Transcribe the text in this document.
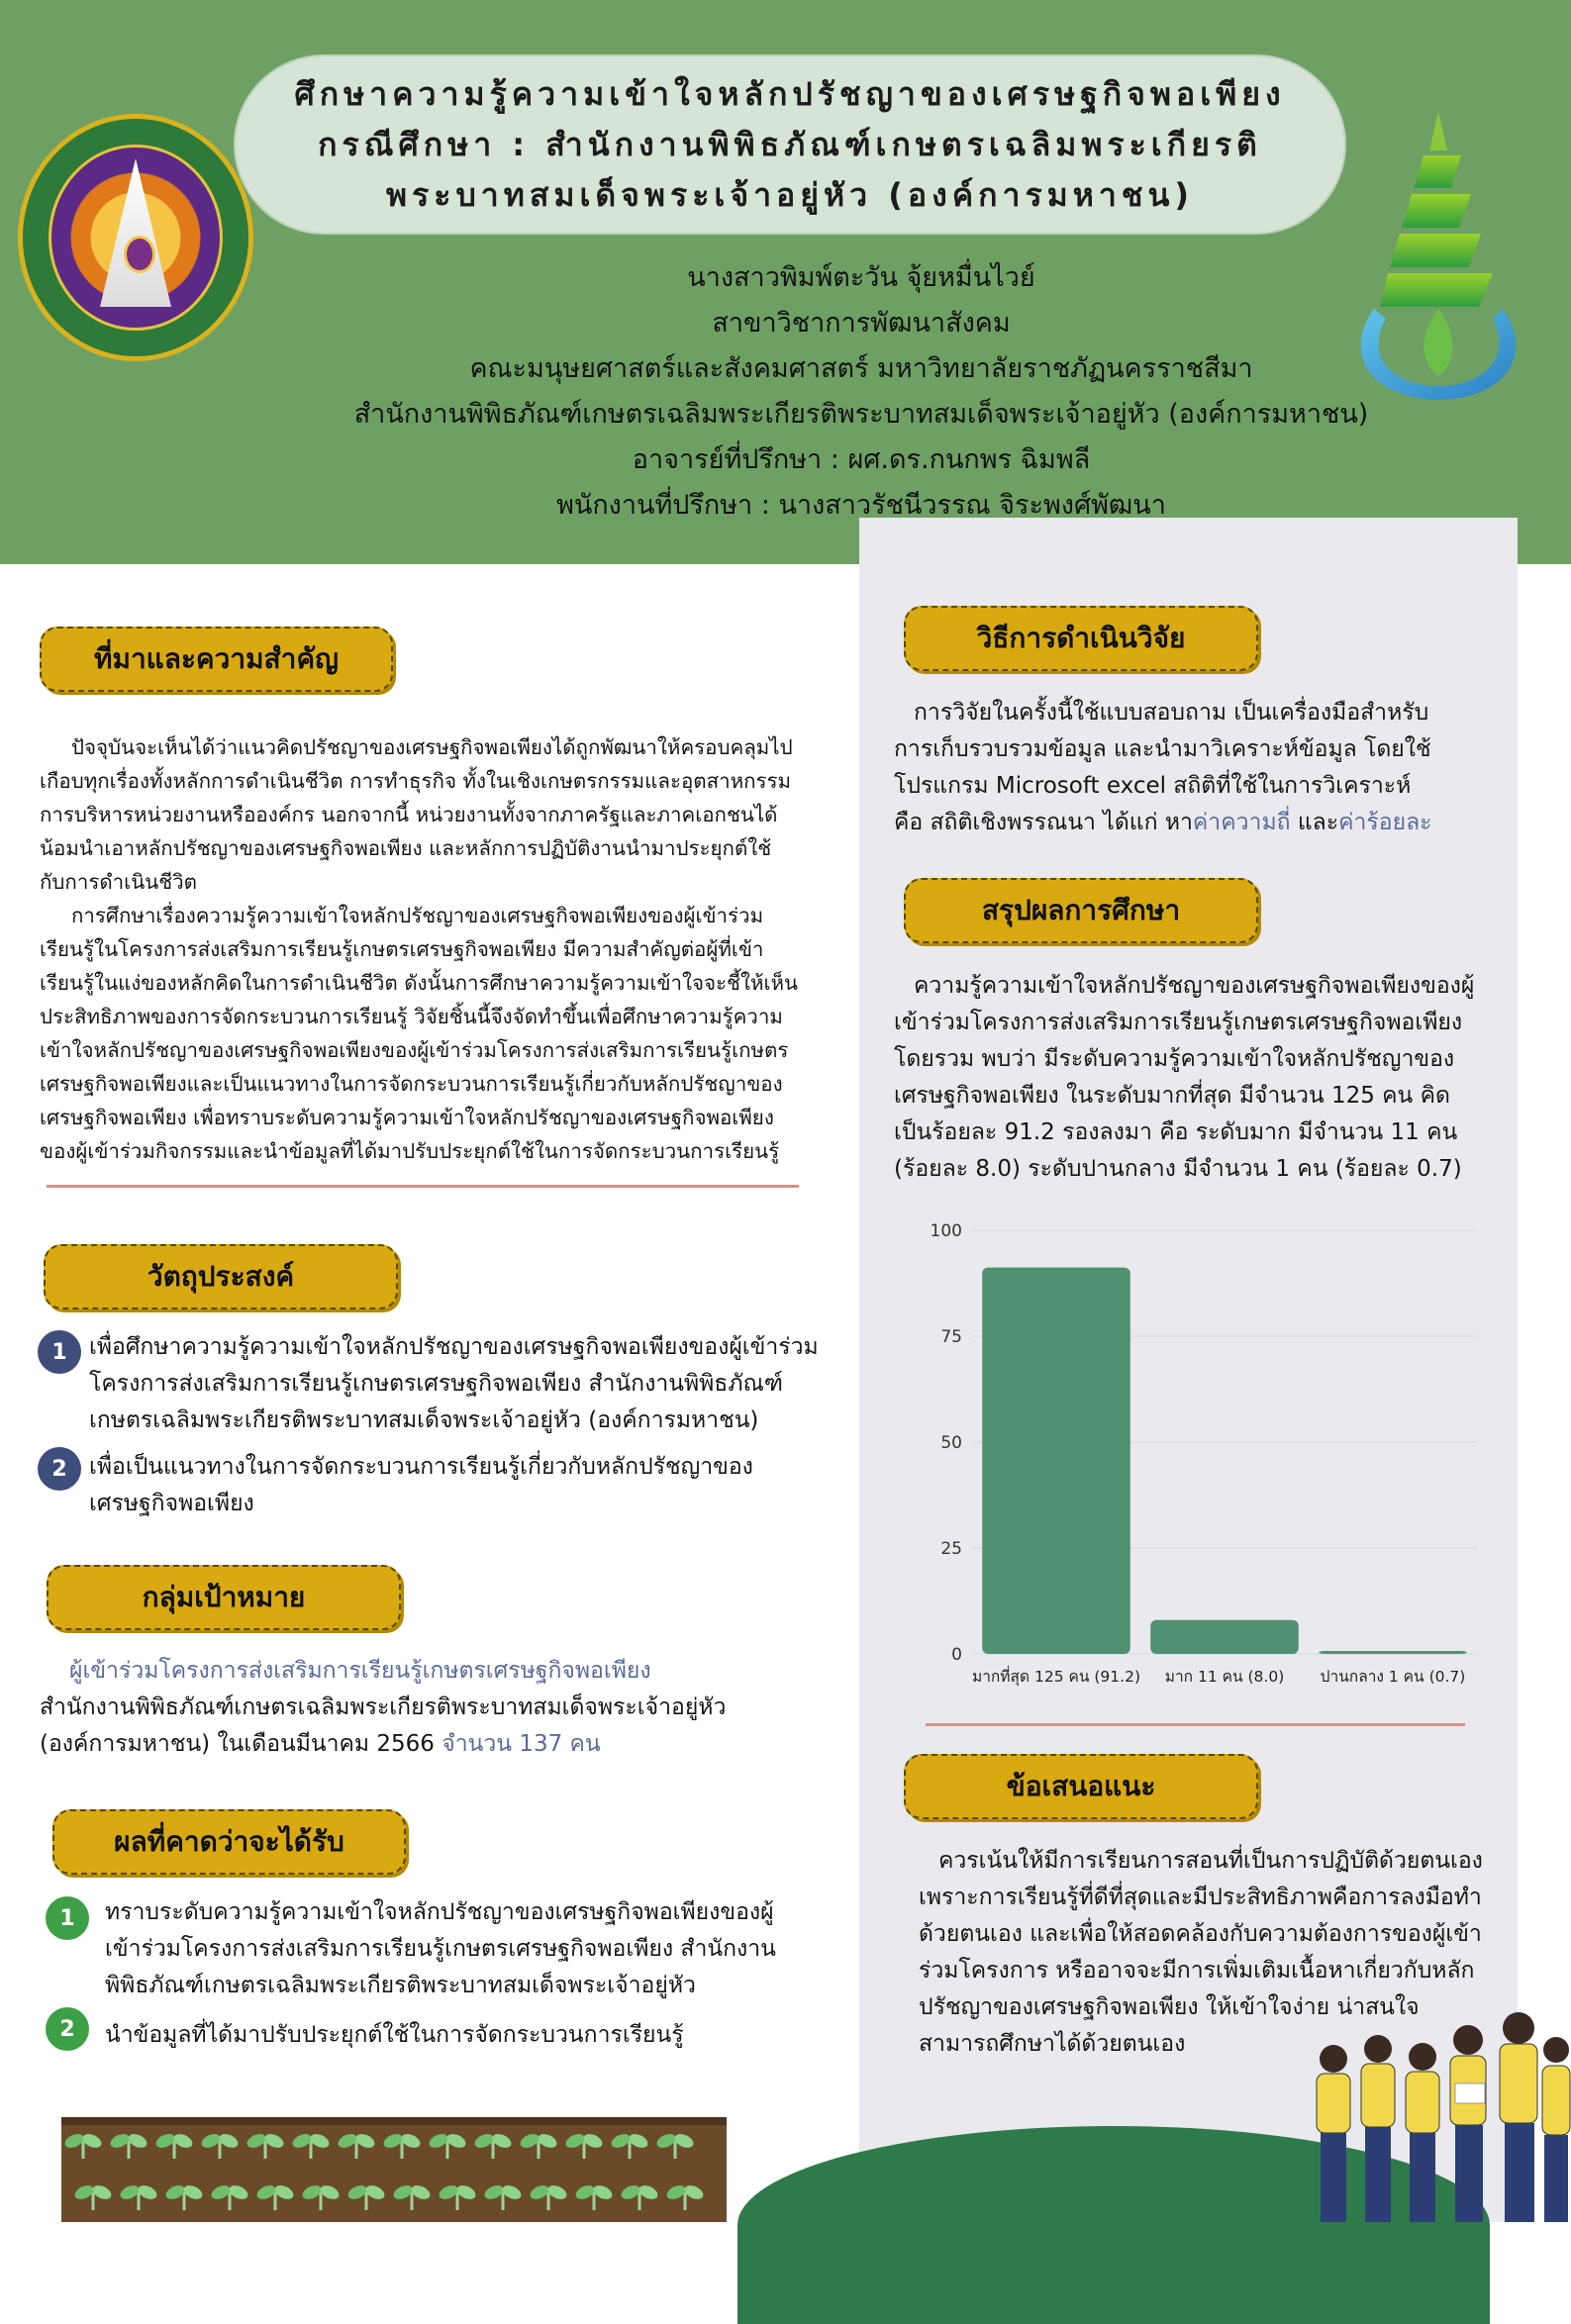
ศึกษาความรู้ความเข้าใจหลักปรัชญาของเศรษฐกิจพอเพียง
กรณีศึกษา : สำนักงานพิพิธภัณฑ์เกษตรเฉลิมพระเกียรติ
พระบาทสมเด็จพระเจ้าอยู่หัว (องค์การมหาชน)
นางสาวพิมพ์ตะวัน จุ้ยหมื่นไวย์
สาขาวิชาการพัฒนาสังคม
คณะมนุษยศาสตร์และสังคมศาสตร์ มหาวิทยาลัยราชภัฏนครราชสีมา
สำนักงานพิพิธภัณฑ์เกษตรเฉลิมพระเกียรติพระบาทสมเด็จพระเจ้าอยู่หัว (องค์การมหาชน)
อาจารย์ที่ปรึกษา : ผศ.ดร.กนกพร ฉิมพลี
พนักงานที่ปรึกษา : นางสาวรัชนีวรรณ จิระพงศ์พัฒนา
ที่มาและความสำคัญ
ปัจจุบันจะเห็นได้ว่าแนวคิดปรัชญาของเศรษฐกิจพอเพียงได้ถูกพัฒนาให้ครอบคลุมไป
เกือบทุกเรื่องทั้งหลักการดำเนินชีวิต การทำธุรกิจ ทั้งในเชิงเกษตรกรรมและอุตสาหกรรม
การบริหารหน่วยงานหรือองค์กร นอกจากนี้ หน่วยงานทั้งจากภาครัฐและภาคเอกชนได้
น้อมนำเอาหลักปรัชญาของเศรษฐกิจพอเพียง และหลักการปฏิบัติงานนำมาประยุกต์ใช้
กับการดำเนินชีวิต
การศึกษาเรื่องความรู้ความเข้าใจหลักปรัชญาของเศรษฐกิจพอเพียงของผู้เข้าร่วม
เรียนรู้ในโครงการส่งเสริมการเรียนรู้เกษตรเศรษฐกิจพอเพียง มีความสำคัญต่อผู้ที่เข้า
เรียนรู้ในแง่ของหลักคิดในการดำเนินชีวิต ดังนั้นการศึกษาความรู้ความเข้าใจจะชี้ให้เห็น
ประสิทธิภาพของการจัดกระบวนการเรียนรู้ วิจัยชิ้นนี้จึงจัดทำขึ้นเพื่อศึกษาความรู้ความ
เข้าใจหลักปรัชญาของเศรษฐกิจพอเพียงของผู้เข้าร่วมโครงการส่งเสริมการเรียนรู้เกษตร
เศรษฐกิจพอเพียงและเป็นแนวทางในการจัดกระบวนการเรียนรู้เกี่ยวกับหลักปรัชญาของ
เศรษฐกิจพอเพียง เพื่อทราบระดับความรู้ความเข้าใจหลักปรัชญาของเศรษฐกิจพอเพียง
ของผู้เข้าร่วมกิจกรรมและนำข้อมูลที่ได้มาปรับประยุกต์ใช้ในการจัดกระบวนการเรียนรู้
วัตถุประสงค์
1 เพื่อศึกษาความรู้ความเข้าใจหลักปรัชญาของเศรษฐกิจพอเพียงของผู้เข้าร่วม
โครงการส่งเสริมการเรียนรู้เกษตรเศรษฐกิจพอเพียง สำนักงานพิพิธภัณฑ์
เกษตรเฉลิมพระเกียรติพระบาทสมเด็จพระเจ้าอยู่หัว (องค์การมหาชน)
2 เพื่อเป็นแนวทางในการจัดกระบวนการเรียนรู้เกี่ยวกับหลักปรัชญาของ
เศรษฐกิจพอเพียง
กลุ่มเป้าหมาย
ผู้เข้าร่วมโครงการส่งเสริมการเรียนรู้เกษตรเศรษฐกิจพอเพียง
สำนักงานพิพิธภัณฑ์เกษตรเฉลิมพระเกียรติพระบาทสมเด็จพระเจ้าอยู่หัว
(องค์การมหาชน) ในเดือนมีนาคม 2566 จำนวน 137 คน
ผลที่คาดว่าจะได้รับ
1	ทราบระดับความรู้ความเข้าใจหลักปรัชญาของเศรษฐกิจพอเพียงของผู้
เข้าร่วมโครงการส่งเสริมการเรียนรู้เกษตรเศรษฐกิจพอเพียง สำนักงาน
พิพิธภัณฑ์เกษตรเฉลิมพระเกียรติพระบาทสมเด็จพระเจ้าอยู่หัว
2	นำข้อมูลที่ได้มาปรับประยุกต์ใช้ในการจัดกระบวนการเรียนรู้
วิธีการดำเนินวิจัย
การวิจัยในครั้งนี้ใช้แบบสอบถาม เป็นเครื่องมือสำหรับ
การเก็บรวบรวมข้อมูล และนำมาวิเคราะห์ข้อมูล โดยใช้
โปรแกรม Microsoft excel สถิติที่ใช้ในการวิเคราะห์
คือ สถิติเชิงพรรณนา ได้แก่ หาค่าความถี่ และค่าร้อยละ
สรุปผลการศึกษา
ความรู้ความเข้าใจหลักปรัชญาของเศรษฐกิจพอเพียงของผู้
เข้าร่วมโครงการส่งเสริมการเรียนรู้เกษตรเศรษฐกิจพอเพียง
โดยรวม พบว่า มีระดับความรู้ความเข้าใจหลักปรัชญาของ
เศรษฐกิจพอเพียง ในระดับมากที่สุด มีจำนวน 125 คน คิด
เป็นร้อยละ 91.2 รองลงมา คือ ระดับมาก มีจำนวน 11 คน
(ร้อยละ 8.0) ระดับปานกลาง มีจำนวน 1 คน (ร้อยละ 0.7)
0
25
50
75
100
มากที่สุด 125 คน (91.2) มาก 11 คน (8.0) ปานกลาง 1 คน (0.7)
ข้อเสนอแนะ
ควรเน้นให้มีการเรียนการสอนที่เป็นการปฏิบัติด้วยตนเอง
เพราะการเรียนรู้ที่ดีที่สุดและมีประสิทธิภาพคือการลงมือทำ
ด้วยตนเอง และเพื่อให้สอดคล้องกับความต้องการของผู้เข้า
ร่วมโครงการ หรืออาจจะมีการเพิ่มเติมเนื้อหาเกี่ยวกับหลัก
ปรัชญาของเศรษฐกิจพอเพียง ให้เข้าใจง่าย น่าสนใจ
สามารถศึกษาได้ด้วยตนเอง
